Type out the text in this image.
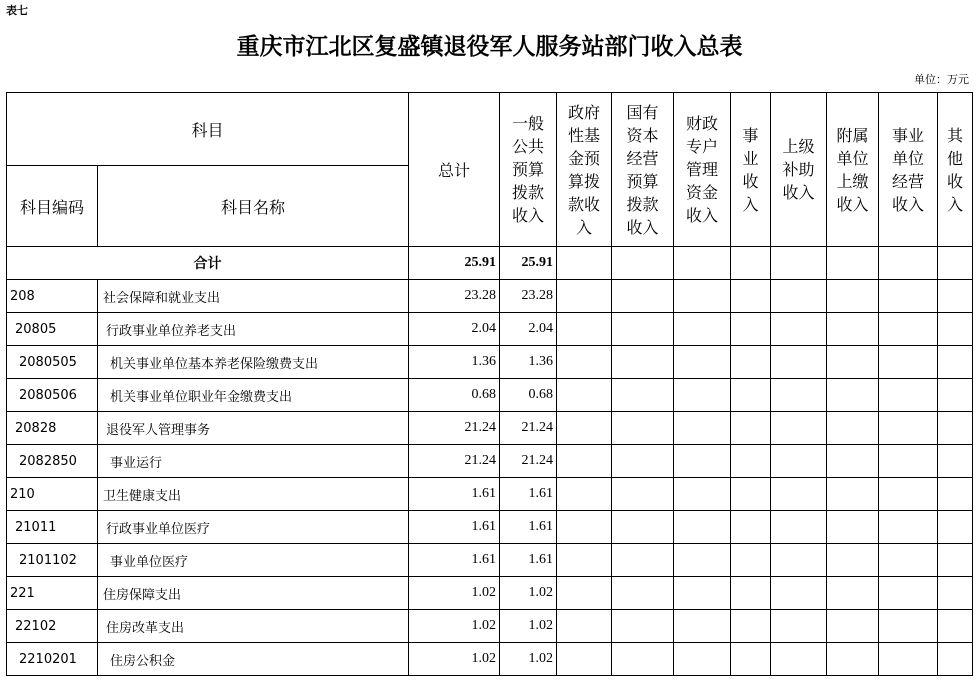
表七
重庆市江北区复盛镇退役军人服务站部门收入总表
单位：万元
科目		总计	一般公共预算拨款收入	政府性基金预算拨款收入	国有资本经营预算拨款收入	财政专户管理资金收入	事业收入	上级补助收入	附属单位上缴收入	事业单位经营收入	其他收入
科目编码	科目名称										
合计		25.91	25.91								
208	社会保障和就业支出	23.28	23.28								
20805	行政事业单位养老支出	2.04	2.04								
2080505	机关事业单位基本养老保险缴费支出	1.36	1.36								
2080506	机关事业单位职业年金缴费支出	0.68	0.68								
20828	退役军人管理事务	21.24	21.24								
2082850	事业运行	21.24	21.24								
210	卫生健康支出	1.61	1.61								
21011	行政事业单位医疗	1.61	1.61								
2101102	事业单位医疗	1.61	1.61								
221	住房保障支出	1.02	1.02								
22102	住房改革支出	1.02	1.02								
2210201	住房公积金	1.02	1.02								
